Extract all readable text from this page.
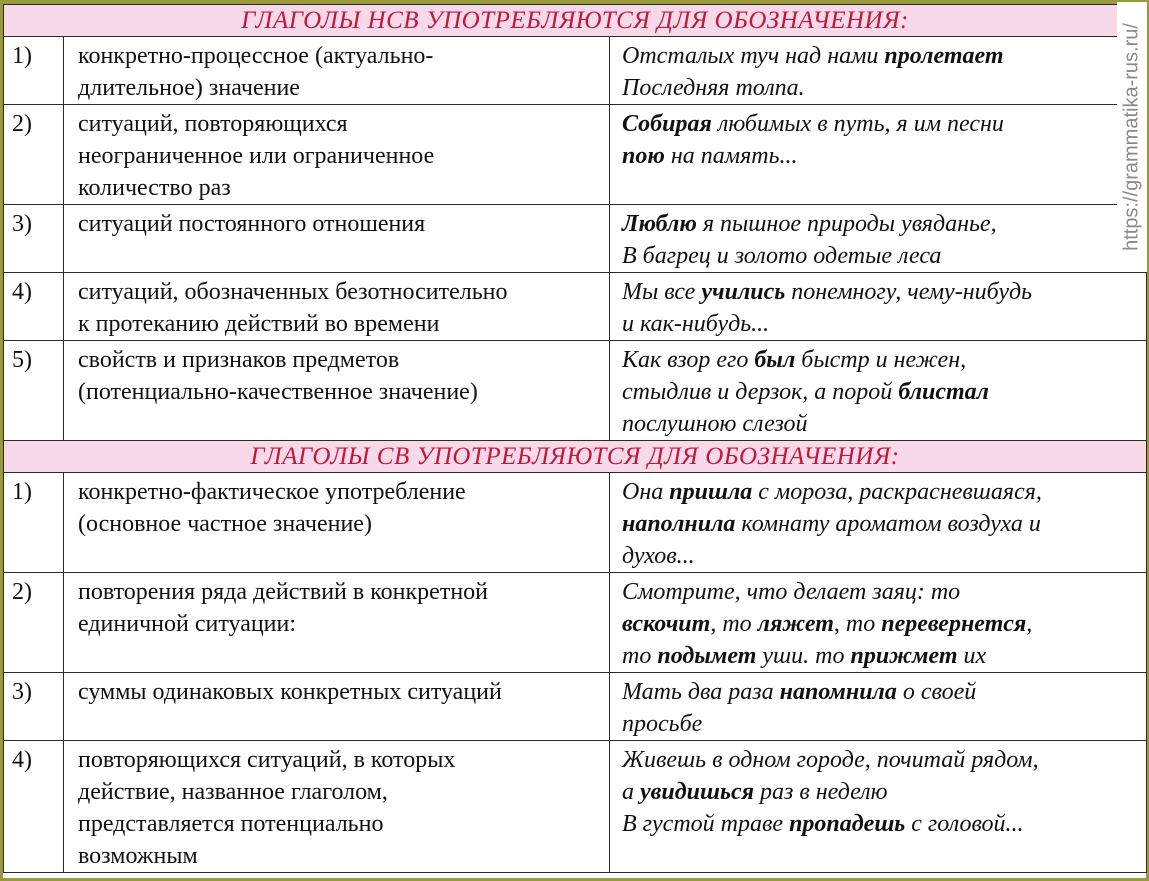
ГЛАГОЛЫ НСВ УПОТРЕБЛЯЮТСЯ ДЛЯ ОБОЗНАЧЕНИЯ:		
1)	конкретно-процессное (актуально-
длительное) значение	Отсталых туч над нами пролетает
Последняя толпа.

2)	ситуаций, повторяющихся
неограниченное или ограниченное
количество раз	Собирая любимых в путь, я им песни
пою на память...

3)	ситуаций постоянного отношения	Люблю я пышное природы увяданье,
В багрец и золото одетые леса

4)	ситуаций, обозначенных безотносительно
к протеканию действий во времени	Мы все учились понемногу, чему-нибудь
и как-нибудь...

5)	свойств и признаков предметов
(потенциально-качественное значение)	Как взор его был быстр и нежен,
стыдлив и дерзок, а порой блистал
послушною слезой

ГЛАГОЛЫ СВ УПОТРЕБЛЯЮТСЯ ДЛЯ ОБОЗНАЧЕНИЯ:		
1)	конкретно-фактическое употребление
(основное частное значение)	Она пришла с мороза, раскрасневшаяся,
наполнила комнату ароматом воздуха и
духов...

2)	повторения ряда действий в конкретной
единичной ситуации:	Смотрите, что делает заяц: то
вскочит, то ляжет, то перевернется,
то подымет уши. то прижмет их

3)	суммы одинаковых конкретных ситуаций	Мать два раза напомнила о своей
просьбе

4)	повторяющихся ситуаций, в которых
действие, названное глаголом,
представляется потенциально
возможным	Живешь в одном городе, почитай рядом,
а увидишься раз в неделю
В густой траве пропадешь с головой...
https://grammatika-rus.ru/
